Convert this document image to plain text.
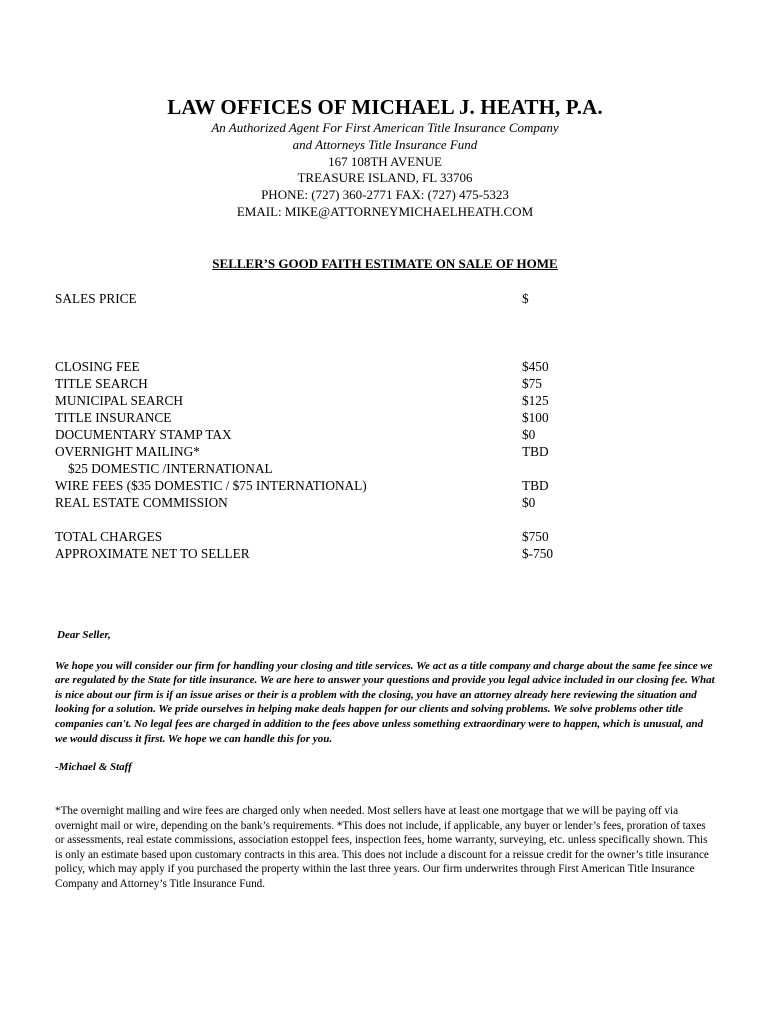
LAW OFFICES OF MICHAEL J. HEATH, P.A.
An Authorized Agent For First American Title Insurance Company
and Attorneys Title Insurance Fund
167 108TH AVENUE
TREASURE ISLAND, FL 33706
PHONE: (727) 360-2771 FAX: (727) 475-5323
EMAIL: MIKE@ATTORNEYMICHAELHEATH.COM
SELLER’S GOOD FAITH ESTIMATE ON SALE OF HOME
SALES PRICE	$
CLOSING FEE	$450
TITLE SEARCH	$75
MUNICIPAL SEARCH	$125
TITLE INSURANCE	$100
DOCUMENTARY STAMP TAX	$0
OVERNIGHT MAILING*	TBD
$25 DOMESTIC /INTERNATIONAL
WIRE FEES ($35 DOMESTIC / $75 INTERNATIONAL)	TBD
REAL ESTATE COMMISSION	$0
TOTAL CHARGES	$750
APPROXIMATE NET TO SELLER	$-750

Dear Seller,

We hope you will consider our firm for handling your closing and title services. We act as a title company and charge about the same fee since we are regulated by the State for title insurance. We are here to answer your questions and provide you legal advice included in our closing fee. What is nice about our firm is if an issue arises or their is a problem with the closing, you have an attorney already here reviewing the situation and looking for a solution. We pride ourselves in helping make deals happen for our clients and solving problems. We solve problems other title companies can't. No legal fees are charged in addition to the fees above unless something extraordinary were to happen, which is unusual, and we would discuss it first. We hope we can handle this for you.

-Michael & Staff

*The overnight mailing and wire fees are charged only when needed. Most sellers have at least one mortgage that we will be paying off via overnight mail or wire, depending on the bank’s requirements. *This does not include, if applicable, any buyer or lender’s fees, proration of taxes or assessments, real estate commissions, association estoppel fees, inspection fees, home warranty, surveying, etc. unless specifically shown. This is only an estimate based upon customary contracts in this area. This does not include a discount for a reissue credit for the owner’s title insurance policy, which may apply if you purchased the property within the last three years. Our firm underwrites through First American Title Insurance Company and Attorney’s Title Insurance Fund.
